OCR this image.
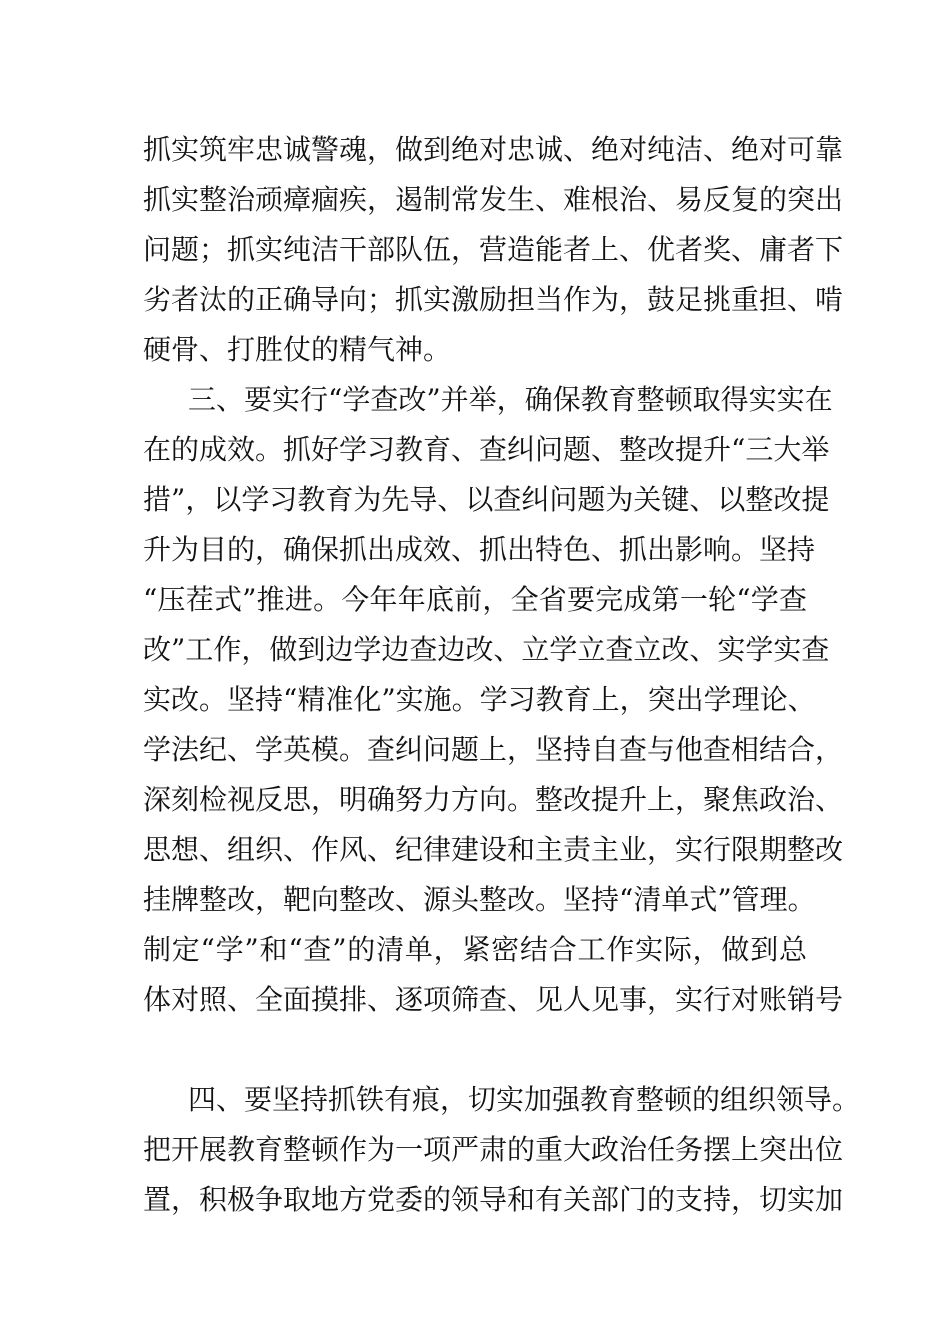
抓实筑牢忠诚警魂，做到绝对忠诚、绝对纯洁、绝对可靠
抓实整治顽瘴痼疾，遏制常发生、难根治、易反复的突出
问题；抓实纯洁干部队伍，营造能者上、优者奖、庸者下
劣者汰的正确导向；抓实激励担当作为，鼓足挑重担、啃
硬骨、打胜仗的精气神。
三、要实行“学查改”并举，确保教育整顿取得实实在
在的成效。抓好学习教育、查纠问题、整改提升“三大举
措”，以学习教育为先导、以查纠问题为关键、以整改提
升为目的，确保抓出成效、抓出特色、抓出影响。坚持
“压茬式”推进。今年年底前，全省要完成第一轮“学查
改”工作，做到边学边查边改、立学立查立改、实学实查
实改。坚持“精准化”实施。学习教育上，突出学理论、
学法纪、学英模。查纠问题上，坚持自查与他查相结合，
深刻检视反思，明确努力方向。整改提升上，聚焦政治、
思想、组织、作风、纪律建设和主责主业，实行限期整改
挂牌整改，靶向整改、源头整改。坚持“清单式”管理。
制定“学”和“查”的清单，紧密结合工作实际，做到总
体对照、全面摸排、逐项筛查、见人见事，实行对账销号
四、要坚持抓铁有痕，切实加强教育整顿的组织领导。
把开展教育整顿作为一项严肃的重大政治任务摆上突出位
置，积极争取地方党委的领导和有关部门的支持，切实加
